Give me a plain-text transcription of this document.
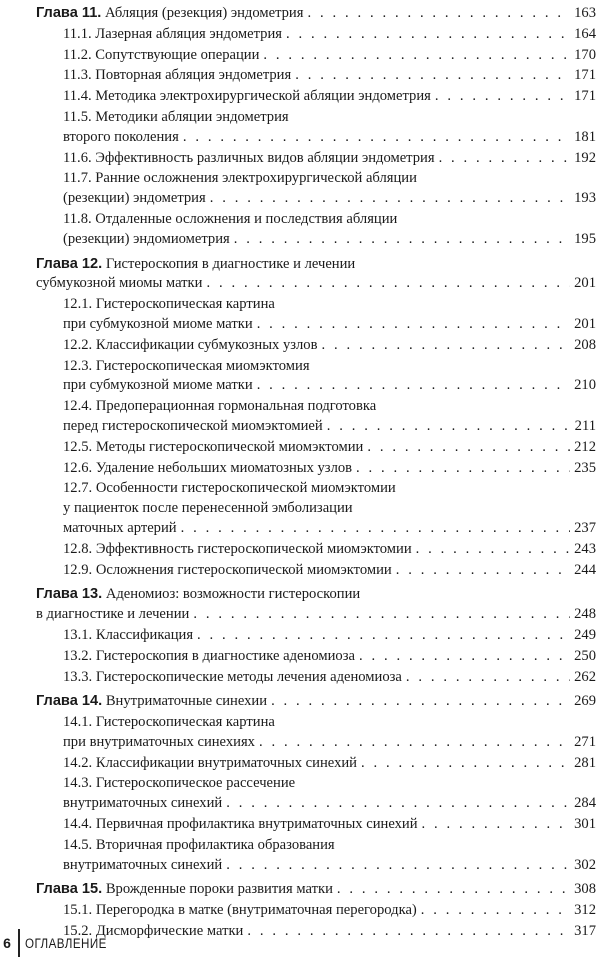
Глава 11.
Абляция (резекция) эндометрия . . .	163
11.1. Лазерная абляция эндометрия . . .	164
11.2. Сопутствующие операции . . .	170
11.3. Повторная абляция эндометрия . . .	171
11.4. Методика электрохирургической абляции эндометрия . . .	171
11.5. Методики абляции эндометрия
второго поколения . . .	181
11.6. Эффективность различных видов абляции эндометрия . . .	192
11.7. Ранние осложнения электрохирургической абляции
(резекции) эндометрия . . .	193
11.8. Отдаленные осложнения и последствия абляции
(резекции) эндомиометрия . . .	195
Глава 12.
Гистероскопия в диагностике и лечении
субмукозной миомы матки . . .	201
12.1. Гистероскопическая картина
при субмукозной миоме матки . . .	201
12.2. Классификации субмукозных узлов . . .	208
12.3. Гистероскопическая миомэктомия
при субмукозной миоме матки . . .	210
12.4. Предоперационная гормональная подготовка
перед гистероскопической миомэктомией . . .	211
12.5. Методы гистероскопической миомэктомии . . .	212
12.6. Удаление небольших миоматозных узлов . . .	235
12.7. Особенности гистероскопической миомэктомии
у пациенток после перенесенной эмболизации
маточных артерий . . .	237
12.8. Эффективность гистероскопической миомэктомии . . .	243
12.9. Осложнения гистероскопической миомэктомии . . .	244
Глава 13.
Аденомиоз: возможности гистероскопии
в диагностике и лечении . . .	248
13.1. Классификация . . .	249
13.2. Гистероскопия в диагностике аденомиоза . . .	250
13.3. Гистероскопические методы лечения аденомиоза . . .	262
Глава 14.
Внутриматочные синехии . . .	269
14.1. Гистероскопическая картина
при внутриматочных синехиях . . .	271
14.2. Классификации внутриматочных синехий . . .	281
14.3. Гистероскопическое рассечение
внутриматочных синехий . . .	284
14.4. Первичная профилактика внутриматочных синехий . . .	301
14.5. Вторичная профилактика образования
внутриматочных синехий . . .	302
Глава 15.
Врожденные пороки развития матки . . .	308
15.1. Перегородка в матке (внутриматочная перегородка) . . .	312
15.2. Дисморфические матки . . .	317
6 ОГЛАВЛЕНИЕ
